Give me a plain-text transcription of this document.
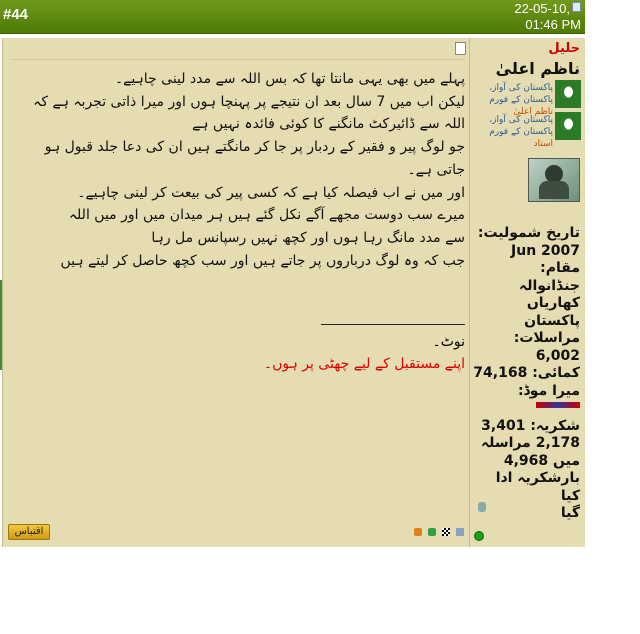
#44	22-05-10,
01:46 PM
پہلے میں بھی یہی مانتا تھا کہ بس اللہ سے مدد لینی چاہیے۔
لیکن اب میں 7 سال بعد ان نتیجے پر پہنچا ہوں اور میرا ذاتی تجربہ ہے کہ
اللہ سے ڈائیرکٹ مانگنے کا کوئی فائدہ نہیں ہے
جو لوگ پیر و فقیر کے ردبار پر جا کر مانگتے ہیں ان کی دعا جلد قبول ہو
جاتی ہے۔
اور میں نے اب فیصلہ کیا ہے کہ کسی پیر کی بیعت کر لینی چاہیے۔
میرے سب دوست مجھے آگے نکل گئے ہیں ہر میدان میں اور میں اللہ
سے مدد مانگ رہا ہوں اور کچھ نہیں رسپانس مل رہا
جب کہ وہ لوگ درباروں پر جاتے ہیں اور سب کچھ حاصل کر لیتے ہیں
نوٹ۔
اپنے مستقبل کے لیے چھٹی پر ہوں۔
اقتباس

حلیل
ناظم اعلیٰ
پاکستان کی آواز، پاکستان کے فورم
ناظم اعلیٰ
پاکستان کی آواز، پاکستان کے فورم
استاد
تاریخ شمولیت:
Jun 2007
مقام:
جنڈانوالہ کھاریاں پاکستان
مراسلات:
6,002
کمائی: 74,168
میرا موڈ:
شکریہ: 3,401
2,178 مراسلہ
میں 4,968
بارشکریہ ادا کیا
گیا
